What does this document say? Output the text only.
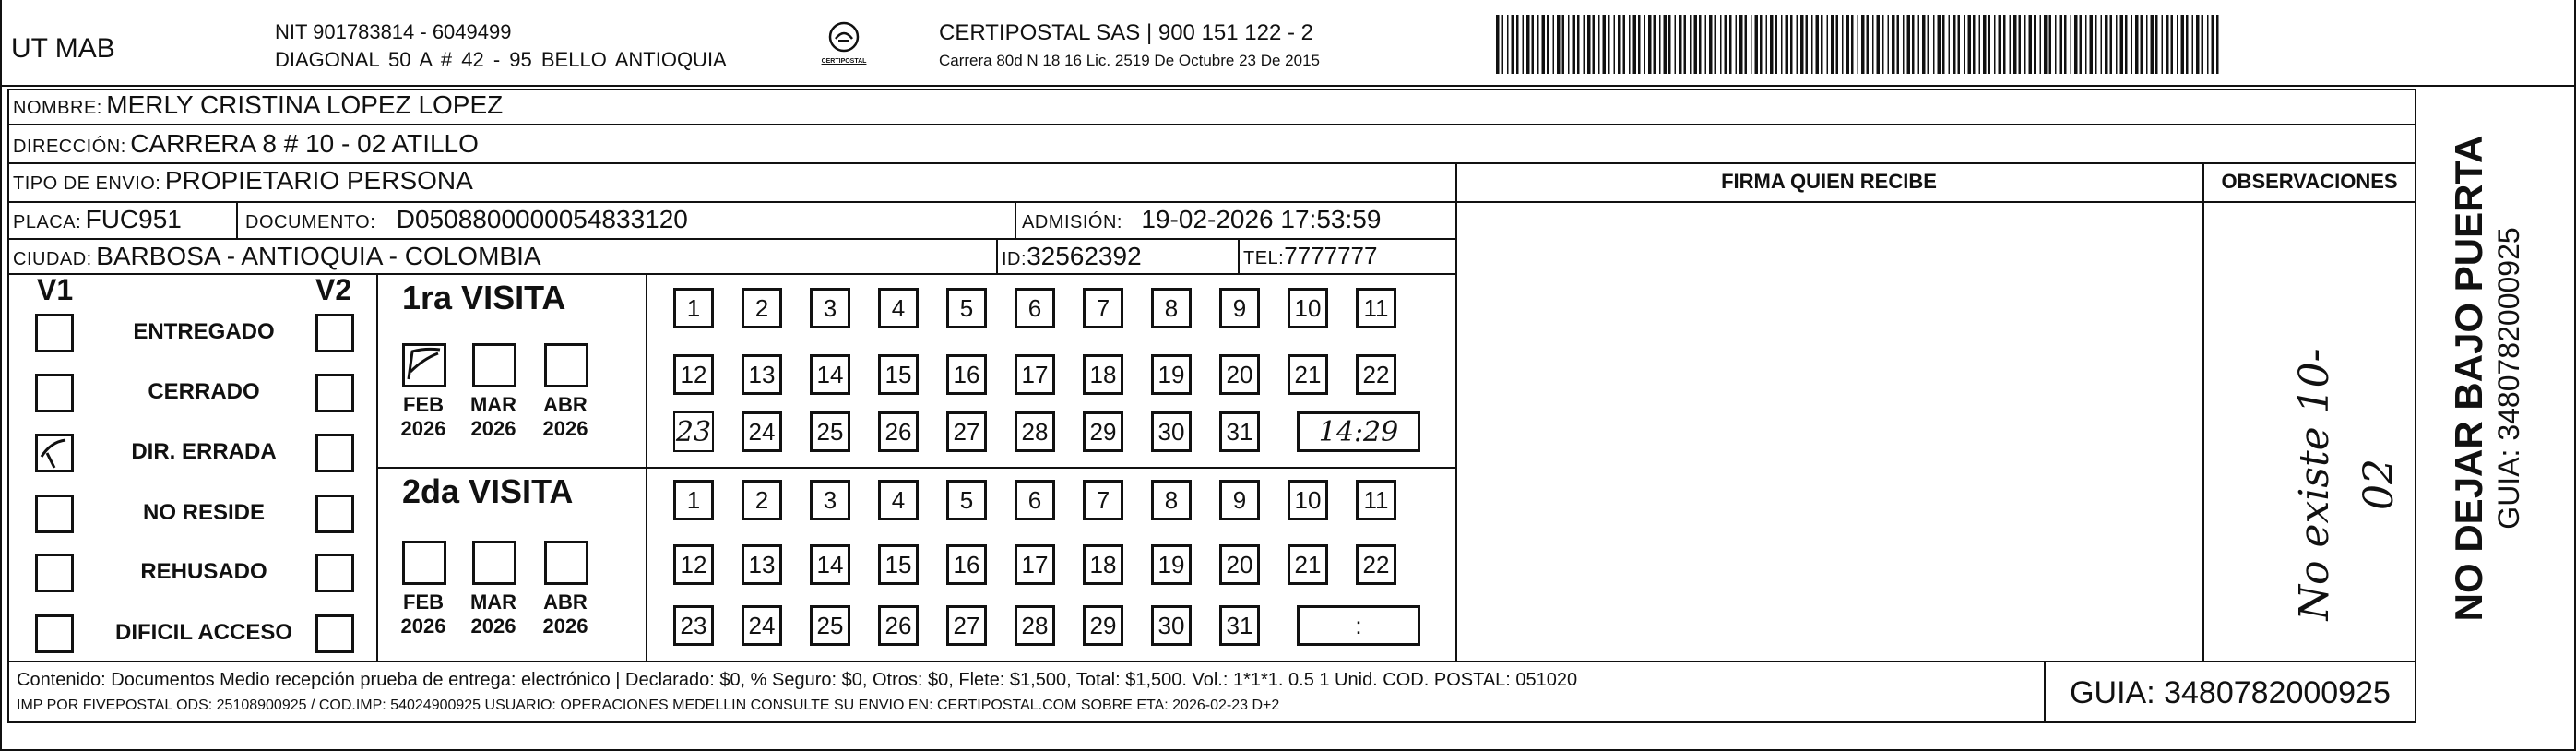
UT MAB
NIT 901783814 - 6049499
DIAGONAL 50 A # 42 - 95 BELLO ANTIOQUIA	CERTIPOSTAL
CERTIPOSTAL SAS | 900 151 122 - 2
Carrera 80d N 18 16 Lic. 2519 De Octubre 23 De 2015
NOMBRE: MERLY CRISTINA LOPEZ LOPEZ
DIRECCIÓN: CARRERA 8 # 10 - 02 ATILLO
TIPO DE ENVIO: PROPIETARIO PERSONA
PLACA: FUC951	DOCUMENTO: D0508800000054833120	ADMISIÓN: 19-02-2026 17:53:59
CIUDAD: BARBOSA - ANTIOQUIA - COLOMBIA	ID:32562392	TEL:7777777
FIRMA QUIEN RECIBE	OBSERVACIONES
No existe 10-02
V1	V2
ENTREGADO
CERRADO
DIR. ERRADA
NO RESIDE
REHUSADO
DIFICIL ACCESO
1ra VISITA
FEB
2026
MAR
2026
ABR
2026
1	2	3	4	5	6	7	8	9	10	11
12 13 14 15 16 17 18 19 20 21 22
23 24 25 26 27 28 29 30 31	14:29
2da VISITA
FEB
2026
MAR
2026
ABR
2026
1	2	3	4	5	6	7	8	9	10	11
12 13 14 15 16 17 18 19 20 21 22
23 24 25 26 27 28 29 30 31	:
Contenido: Documentos Medio recepción prueba de entrega: electrónico | Declarado: $0, % Seguro: $0, Otros: $0, Flete: $1,500, Total: $1,500. Vol.: 1*1*1. 0.5 1 Unid. COD. POSTAL: 051020
IMP POR FIVEPOSTAL ODS: 25108900925 / COD.IMP: 54024900925 USUARIO: OPERACIONES MEDELLIN CONSULTE SU ENVIO EN: CERTIPOSTAL.COM SOBRE ETA: 2026-02-23 D+2	GUIA: 3480782000925
NO DEJAR BAJO PUERTA GUIA: 3480782000925
